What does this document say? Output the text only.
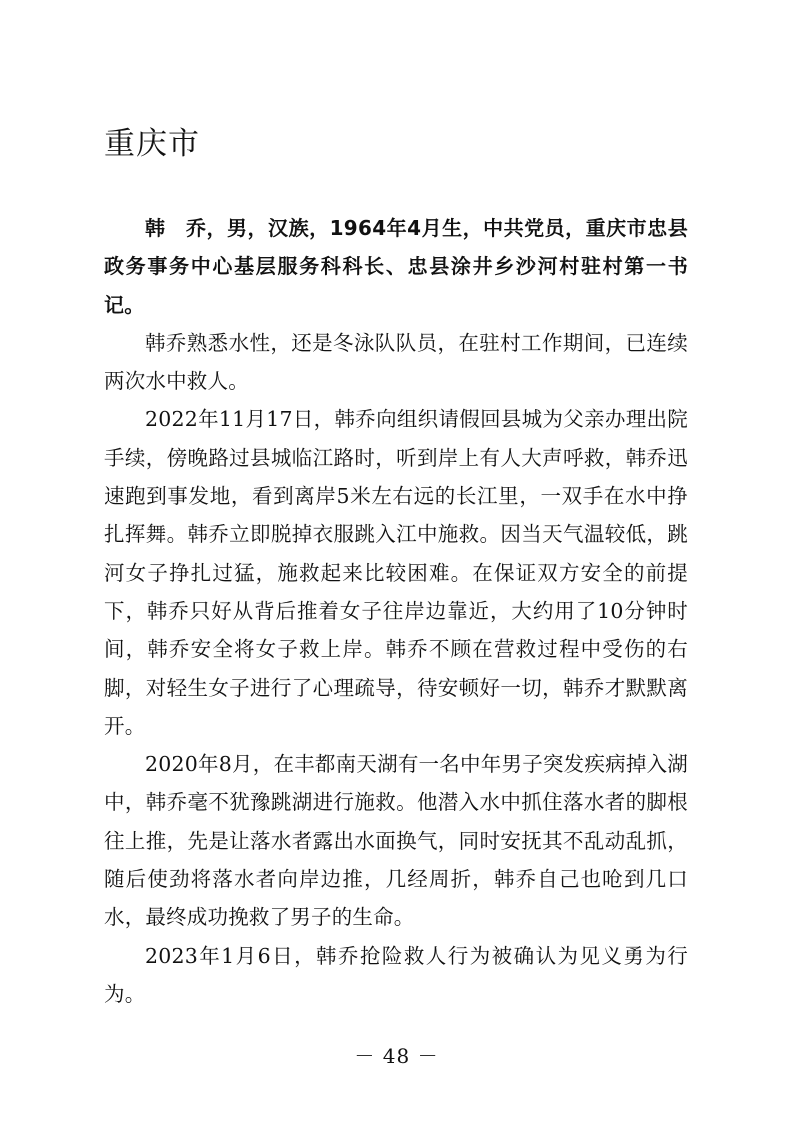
重庆市

韩　乔，男，汉族，1964年4月生，中共党员，重庆市忠县政务事务中心基层服务科科长、忠县涂井乡沙河村驻村第一书记。

韩乔熟悉水性，还是冬泳队队员，在驻村工作期间，已连续两次水中救人。

2022年11月17日，韩乔向组织请假回县城为父亲办理出院手续，傍晚路过县城临江路时，听到岸上有人大声呼救，韩乔迅速跑到事发地，看到离岸5米左右远的长江里，一双手在水中挣扎挥舞。韩乔立即脱掉衣服跳入江中施救。因当天气温较低，跳河女子挣扎过猛，施救起来比较困难。在保证双方安全的前提下，韩乔只好从背后推着女子往岸边靠近，大约用了10分钟时间，韩乔安全将女子救上岸。韩乔不顾在营救过程中受伤的右脚，对轻生女子进行了心理疏导，待安顿好一切，韩乔才默默离开。

2020年8月，在丰都南天湖有一名中年男子突发疾病掉入湖中，韩乔毫不犹豫跳湖进行施救。他潜入水中抓住落水者的脚根往上推，先是让落水者露出水面换气，同时安抚其不乱动乱抓，随后使劲将落水者向岸边推，几经周折，韩乔自己也呛到几口水，最终成功挽救了男子的生命。

2023年1月6日，韩乔抢险救人行为被确认为见义勇为行为。

－ 48 －
